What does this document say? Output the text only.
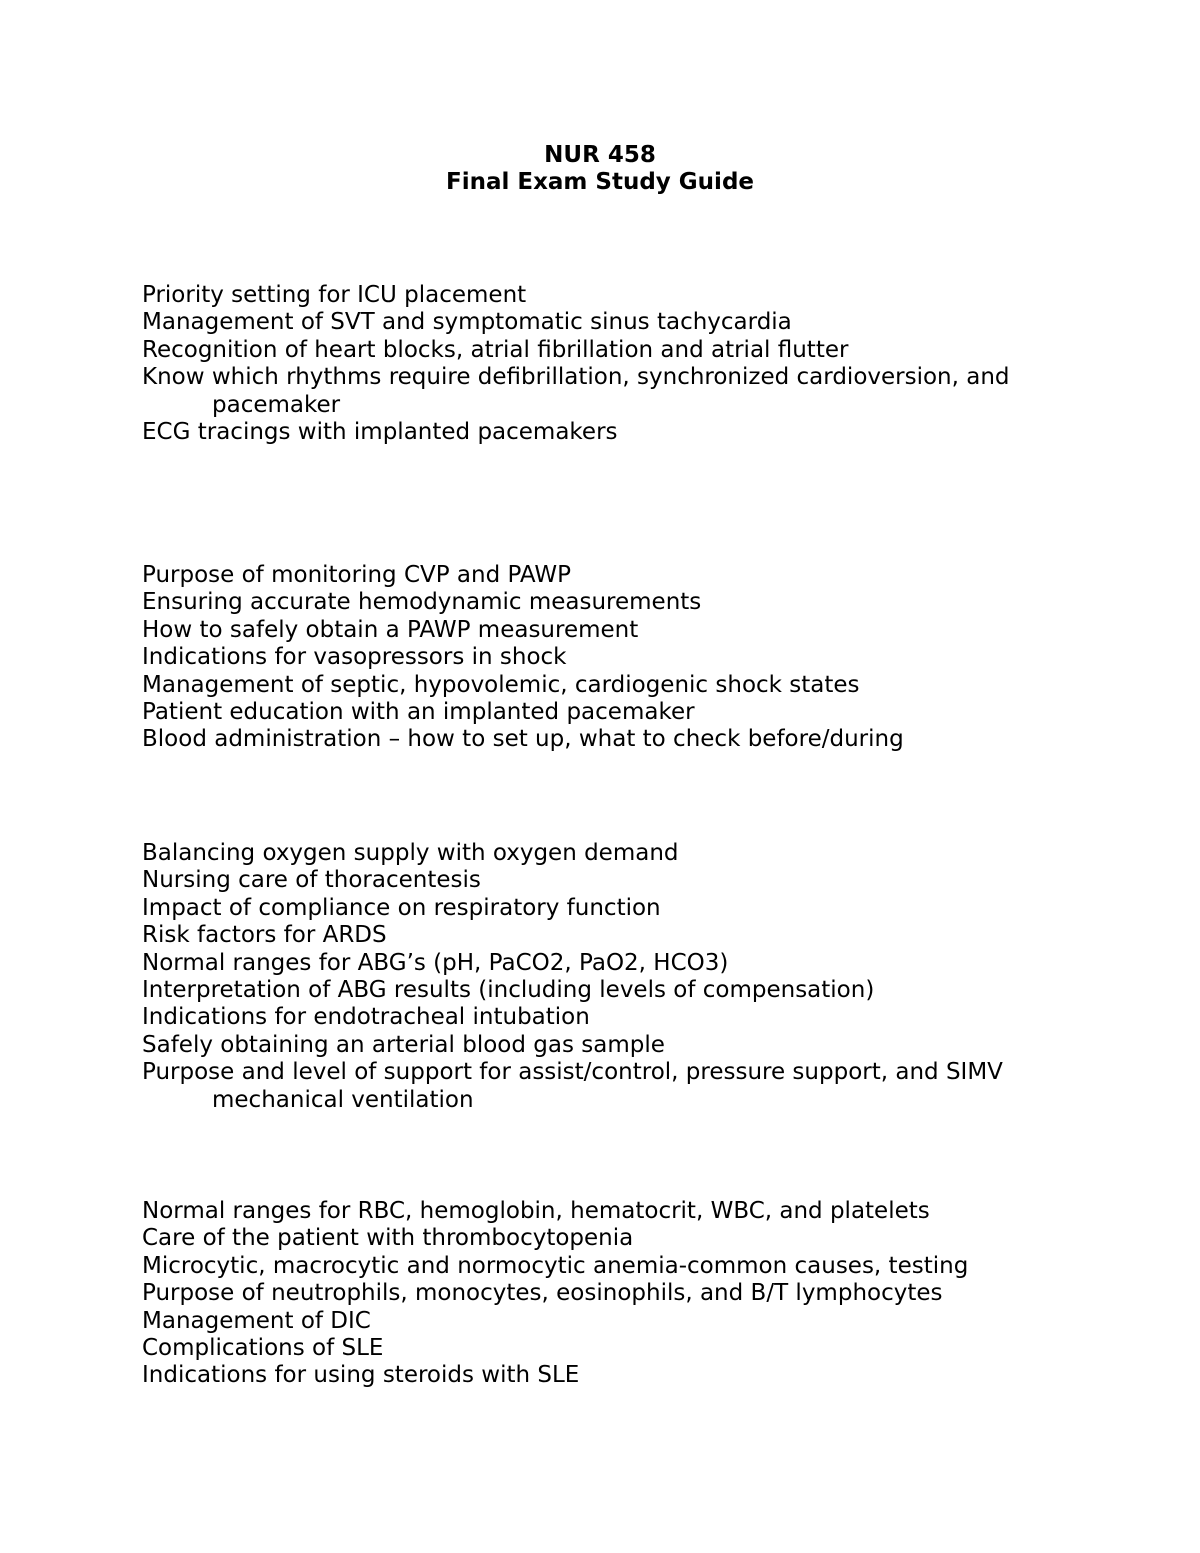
NUR 458
Final Exam Study Guide
Priority setting for ICU placement
Management of SVT and symptomatic sinus tachycardia
Recognition of heart blocks, atrial fibrillation and atrial flutter
Know which rhythms require defibrillation, synchronized cardioversion, and
pacemaker
ECG tracings with implanted pacemakers
Purpose of monitoring CVP and PAWP
Ensuring accurate hemodynamic measurements
How to safely obtain a PAWP measurement
Indications for vasopressors in shock
Management of septic, hypovolemic, cardiogenic shock states
Patient education with an implanted pacemaker
Blood administration – how to set up, what to check before/during
Balancing oxygen supply with oxygen demand
Nursing care of thoracentesis
Impact of compliance on respiratory function
Risk factors for ARDS
Normal ranges for ABG’s (pH, PaCO2, PaO2, HCO3)
Interpretation of ABG results (including levels of compensation)
Indications for endotracheal intubation
Safely obtaining an arterial blood gas sample
Purpose and level of support for assist/control, pressure support, and SIMV
mechanical ventilation
Normal ranges for RBC, hemoglobin, hematocrit, WBC, and platelets
Care of the patient with thrombocytopenia
Microcytic, macrocytic and normocytic anemia-common causes, testing
Purpose of neutrophils, monocytes, eosinophils, and B/T lymphocytes
Management of DIC
Complications of SLE
Indications for using steroids with SLE
